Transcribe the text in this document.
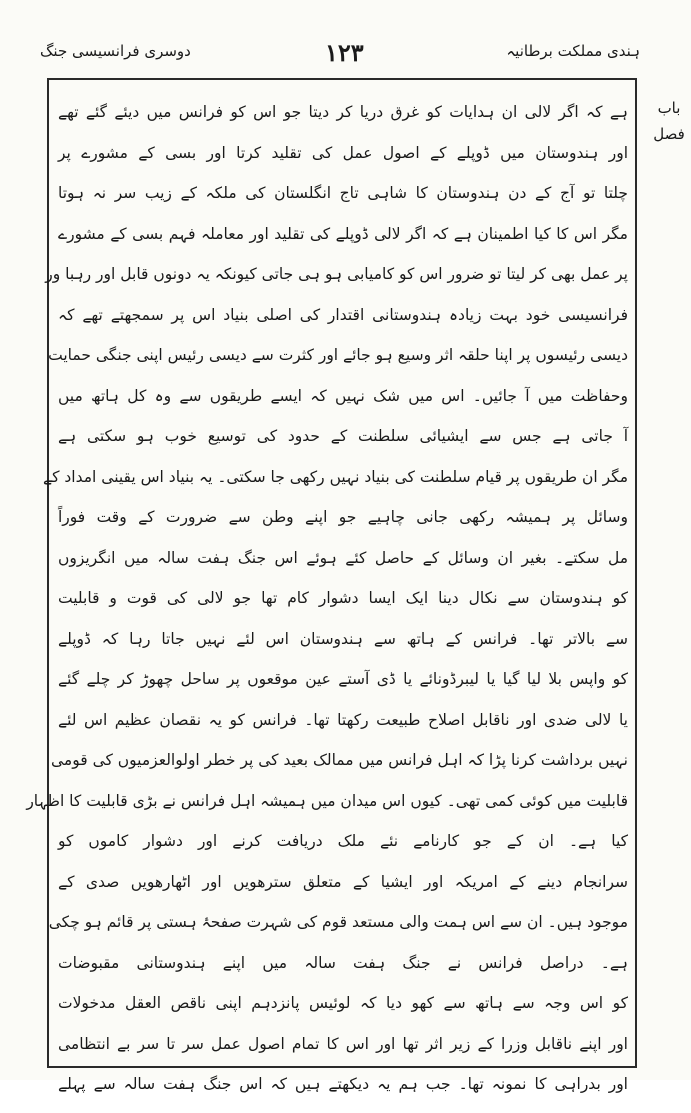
دوسری فرانسیسی جنگ	۱۲۳	ہندی مملکت برطانیہ
باب
فصل
ہے کہ اگر لالی ان ہدایات کو غرق دریا کر دیتا جو اس کو فرانس میں دیئے گئے تھے
اور ہندوستان میں ڈوپلے کے اصول عمل کی تقلید کرتا اور بسی کے مشورے پر
چلتا تو آج کے دن ہندوستان کا شاہی تاج انگلستان کی ملکہ کے زیب سر نہ ہوتا
مگر اس کا کیا اطمینان ہے کہ اگر لالی ڈوپلے کی تقلید اور معاملہ فہم بسی کے مشورے
پر عمل بھی کر لیتا تو ضرور اس کو کامیابی ہو ہی جاتی کیونکہ یہ دونوں قابل اور رہبا ور
فرانسیسی خود بہت زیادہ ہندوستانی اقتدار کی اصلی بنیاد اس پر سمجھتے تھے کہ
دیسی رئیسوں پر اپنا حلقہ اثر وسیع ہو جائے اور کثرت سے دیسی رئیس اپنی جنگی حمایت
وحفاظت میں آ جائیں۔ اس میں شک نہیں کہ ایسے طریقوں سے وہ کل ہاتھ میں
آ جاتی ہے جس سے ایشیائی سلطنت کے حدود کی توسیع خوب ہو سکتی ہے
مگر ان طریقوں پر قیام سلطنت کی بنیاد نہیں رکھی جا سکتی۔ یہ بنیاد اس یقینی امداد کے
وسائل پر ہمیشہ رکھی جانی چاہیے جو اپنے وطن سے ضرورت کے وقت فوراً
مل سکتے۔ بغیر ان وسائل کے حاصل کئے ہوئے اس جنگ ہفت سالہ میں انگریزوں
کو ہندوستان سے نکال دینا ایک ایسا دشوار کام تھا جو لالی کی قوت و قابلیت
سے بالاتر تھا۔ فرانس کے ہاتھ سے ہندوستان اس لئے نہیں جاتا رہا کہ ڈوپلے
کو واپس بلا لیا گیا یا لیبرڈونائے یا ڈی آستے عین موقعوں پر ساحل چھوڑ کر چلے گئے
یا لالی ضدی اور ناقابل اصلاح طبیعت رکھتا تھا۔ فرانس کو یہ نقصان عظیم اس لئے
نہیں برداشت کرنا پڑا کہ اہل فرانس میں ممالک بعید کی پر خطر اولوالعزمیوں کی قومی
قابلیت میں کوئی کمی تھی۔ کیوں اس میدان میں ہمیشہ اہل فرانس نے بڑی قابلیت کا اظہار
کیا ہے۔ ان کے جو کارنامے نئے ملک دریافت کرنے اور دشوار کاموں کو
سرانجام دینے کے امریکہ اور ایشیا کے متعلق سترھویں اور اٹھارھویں صدی کے
موجود ہیں۔ ان سے اس ہمت والی مستعد قوم کی شہرت صفحۂ ہستی پر قائم ہو چکی
ہے۔ دراصل فرانس نے جنگ ہفت سالہ میں اپنے ہندوستانی مقبوضات
کو اس وجہ سے ہاتھ سے کھو دیا کہ لوئیس پانزدہم اپنی ناقص العقل مدخولات
اور اپنے ناقابل وزرا کے زیر اثر تھا اور اس کا تمام اصول عمل سر تا سر بے انتظامی
اور بدراہی کا نمونہ تھا۔ جب ہم یہ دیکھتے ہیں کہ اس جنگ ہفت سالہ سے پہلے
